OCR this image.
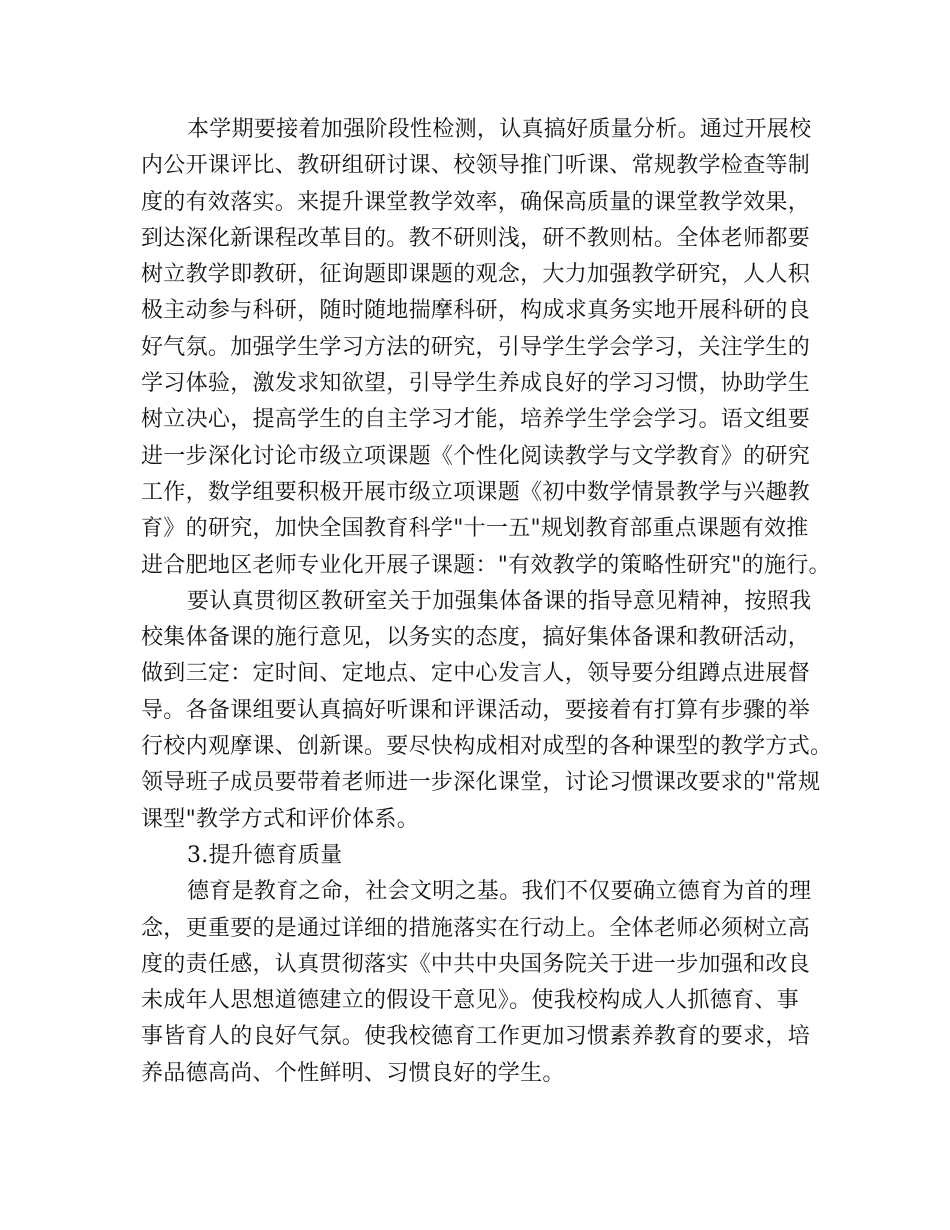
本学期要接着加强阶段性检测，认真搞好质量分析。通过开展校
内公开课评比、教研组研讨课、校领导推门听课、常规教学检查等制
度的有效落实。来提升课堂教学效率，确保高质量的课堂教学效果，
到达深化新课程改革目的。教不研则浅，研不教则枯。全体老师都要
树立教学即教研，征询题即课题的观念，大力加强教学研究，人人积
极主动参与科研，随时随地揣摩科研，构成求真务实地开展科研的良
好气氛。加强学生学习方法的研究，引导学生学会学习，关注学生的
学习体验，激发求知欲望，引导学生养成良好的学习习惯，协助学生
树立决心，提高学生的自主学习才能，培养学生学会学习。语文组要
进一步深化讨论市级立项课题《个性化阅读教学与文学教育》的研究
工作，数学组要积极开展市级立项课题《初中数学情景教学与兴趣教
育》的研究，加快全国教育科学"十一五"规划教育部重点课题有效推
进合肥地区老师专业化开展子课题："有效教学的策略性研究"的施行。
要认真贯彻区教研室关于加强集体备课的指导意见精神，按照我
校集体备课的施行意见，以务实的态度，搞好集体备课和教研活动，
做到三定：定时间、定地点、定中心发言人，领导要分组蹲点进展督
导。各备课组要认真搞好听课和评课活动，要接着有打算有步骤的举
行校内观摩课、创新课。要尽快构成相对成型的各种课型的教学方式。
领导班子成员要带着老师进一步深化课堂，讨论习惯课改要求的"常规
课型"教学方式和评价体系。
3.提升德育质量
德育是教育之命，社会文明之基。我们不仅要确立德育为首的理
念，更重要的是通过详细的措施落实在行动上。全体老师必须树立高
度的责任感，认真贯彻落实《中共中央国务院关于进一步加强和改良
未成年人思想道德建立的假设干意见》。使我校构成人人抓德育、事
事皆育人的良好气氛。使我校德育工作更加习惯素养教育的要求，培
养品德高尚、个性鲜明、习惯良好的学生。
